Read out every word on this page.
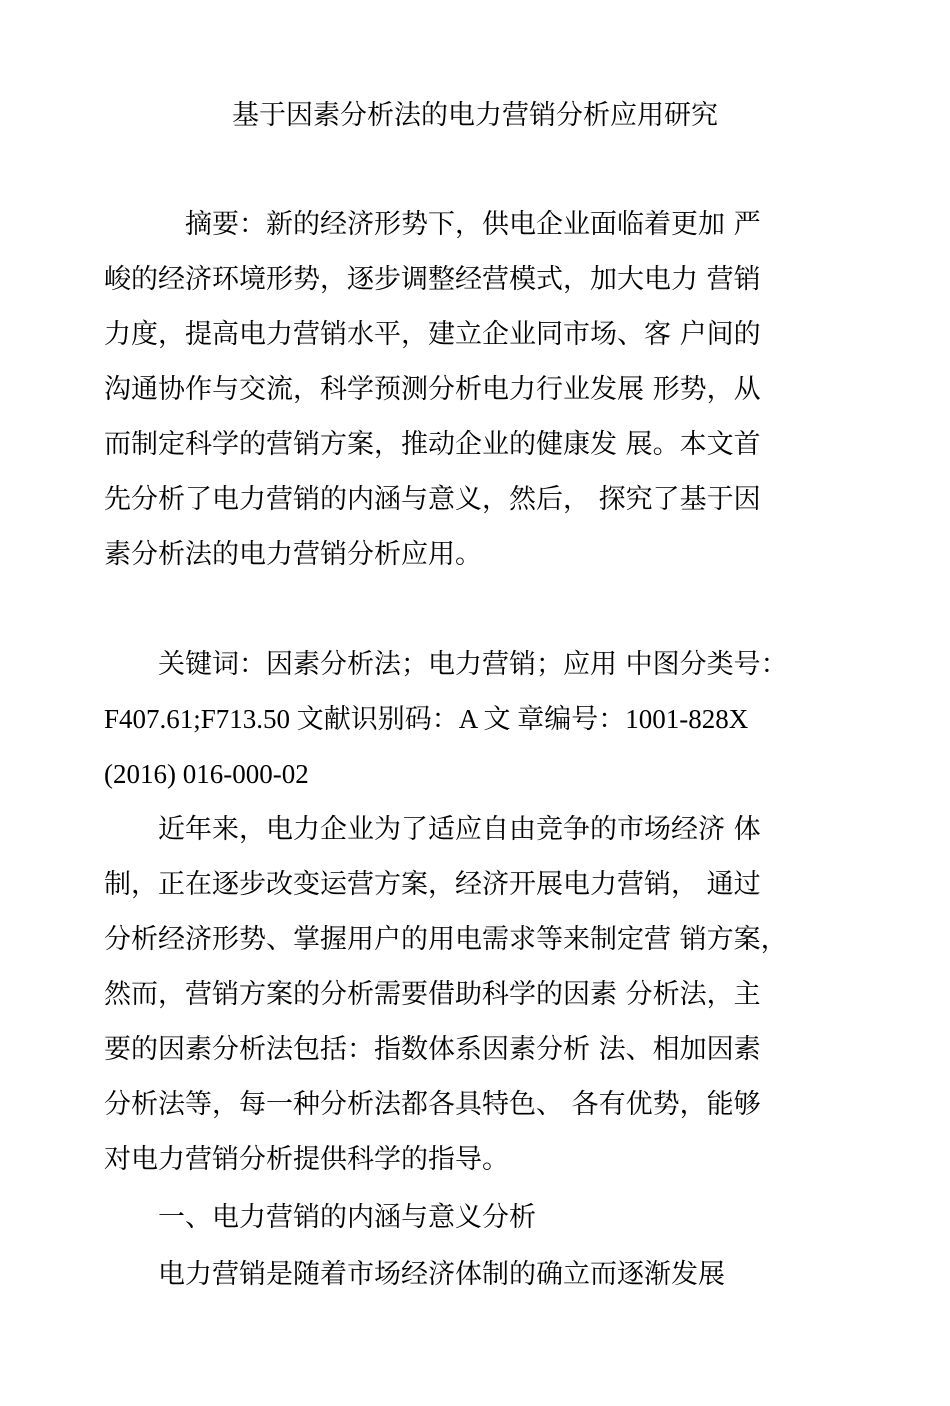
基于因素分析法的电力营销分析应用研究
　　　摘要：新的经济形势下，供电企业面临着更加 严
峻的经济环境形势，逐步调整经营模式，加大电力 营销
力度，提高电力营销水平，建立企业同市场、客 户间的
沟通协作与交流，科学预测分析电力行业发展 形势，从
而制定科学的营销方案，推动企业的健康发 展。本文首
先分析了电力营销的内涵与意义，然后， 探究了基于因
素分析法的电力营销分析应用。
　　关键词：因素分析法；电力营销；应用 中图分类号：
F407.61;F713.50 文献识别码：A 文 章编号：1001-828X
(2016) 016-000-02
　　近年来，电力企业为了适应自由竞争的市场经济 体
制，正在逐步改变运营方案，经济开展电力营销， 通过
分析经济形势、掌握用户的用电需求等来制定营 销方案，
然而，营销方案的分析需要借助科学的因素 分析法，主
要的因素分析法包括：指数体系因素分析 法、相加因素
分析法等，每一种分析法都各具特色、 各有优势，能够
对电力营销分析提供科学的指导。
　　一、电力营销的内涵与意义分析
　　电力营销是随着市场经济体制的确立而逐渐发展
